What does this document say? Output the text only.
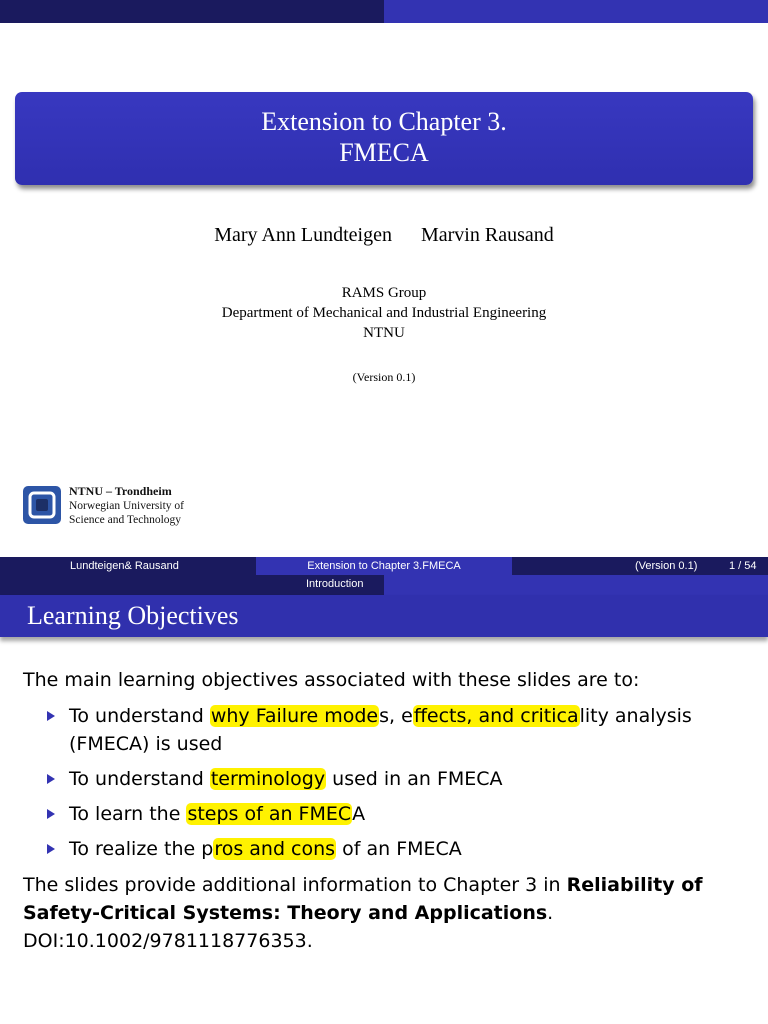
Extension to Chapter 3.
FMECA
Mary Ann Lundteigen Marvin Rausand
RAMS Group
Department of Mechanical and Industrial Engineering
NTNU
(Version 0.1)
NTNU – Trondheim
Norwegian University of
Science and Technology
Lundteigen& Rausand	Extension to Chapter 3.FMECA	(Version 0.1)	1 / 54
Introduction
Learning Objectives
The main learning objectives associated with these slides are to:
To understand why Failure modes, effects, and criticality analysis (FMECA) is used
To understand terminology used in an FMECA
To learn the steps of an FMECA
To realize the pros and cons of an FMECA
The slides provide additional information to Chapter 3 in Reliability of Safety-Critical Systems: Theory and Applications.
DOI:10.1002/9781118776353.
